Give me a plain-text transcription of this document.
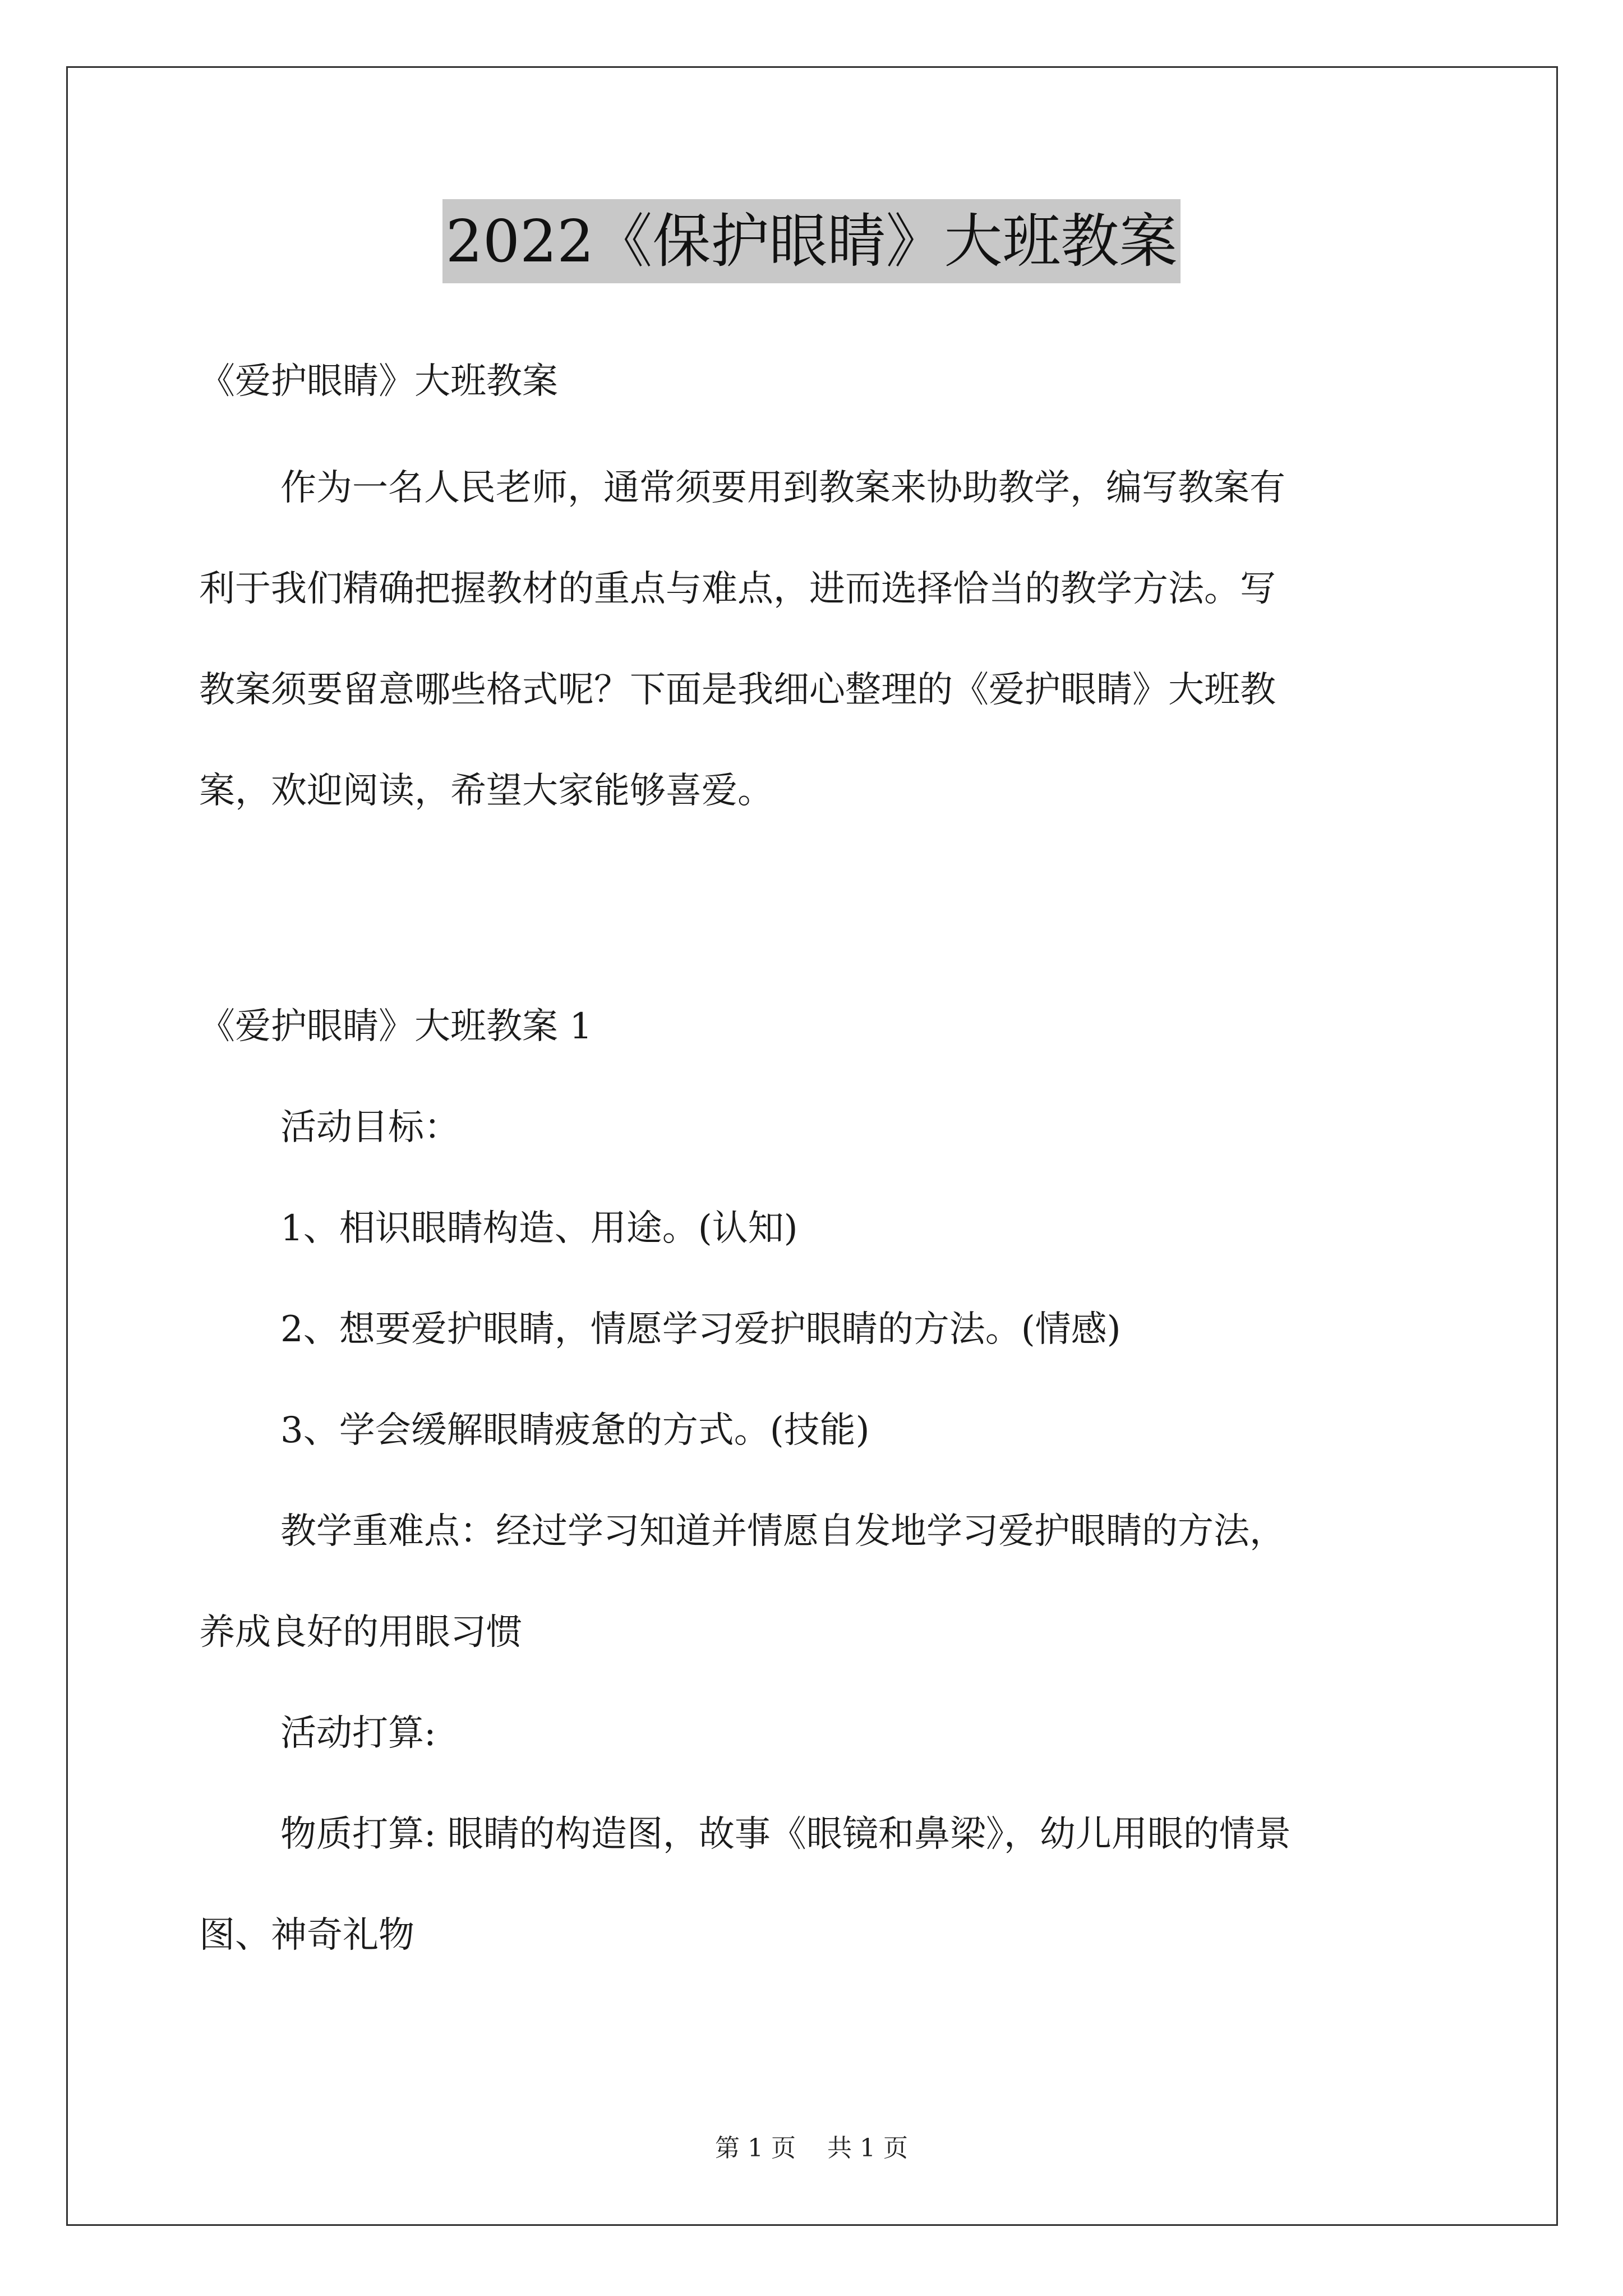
2022《保护眼睛》大班教案
《爱护眼睛》大班教案
作为一名人民老师，通常须要用到教案来协助教学，编写教案有
利于我们精确把握教材的重点与难点，进而选择恰当的教学方法。写
教案须要留意哪些格式呢？下面是我细心整理的《爱护眼睛》大班教
案，欢迎阅读，希望大家能够喜爱。
《爱护眼睛》大班教案 1
活动目标：
1、相识眼睛构造、用途。(认知)
2、想要爱护眼睛，情愿学习爱护眼睛的方法。(情感)
3、学会缓解眼睛疲惫的方式。(技能)
教学重难点：经过学习知道并情愿自发地学习爱护眼睛的方法，
养成良好的用眼习惯
活动打算:
物质打算: 眼睛的构造图，故事《眼镜和鼻梁》，幼儿用眼的情景
图、神奇礼物
第 1 页 共 1 页
